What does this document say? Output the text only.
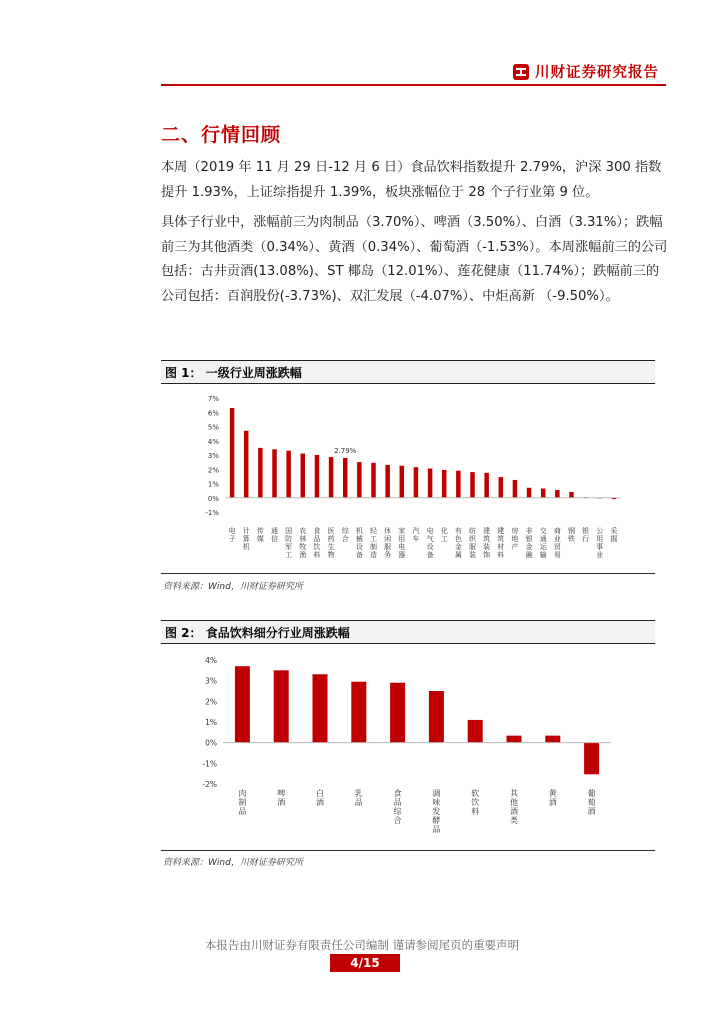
川财证券研究报告
二、行情回顾
本周（2019 年 11 月 29 日-12 月 6 日）食品饮料指数提升 2.79%，沪深 300 指数提升 1.93%，上证综指提升 1.39%，板块涨幅位于 28 个子行业第 9 位。
具体子行业中，涨幅前三为肉制品（3.70%）、啤酒（3.50%）、白酒（3.31%）；跌幅前三为其他酒类（0.34%）、黄酒（0.34%）、葡萄酒（-1.53%）。本周涨幅前三的公司包括：古井贡酒(13.08%)、ST 椰岛（12.01%）、莲花健康（11.74%）；跌幅前三的公司包括：百润股份(-3.73%)、双汇发展（-4.07%）、中炬高新 （-9.50%）。
图 1： 一级行业周涨跌幅
7%
6%
5%
4%
3%
2%
1%
0%
-1%
电子
计算机
传媒
通信
国防军工
农林牧渔
食品饮料
医药生物
综合
机械设备
轻工制造
休闲服务
家用电器
汽车
电气设备
化工
有色金属
纺织服装
建筑装饰
建筑材料
房地产
非银金融
交通运输
商业贸易
钢铁
银行
公用事业
采掘
2.79%
资料来源：Wind，川财证券研究所
图 2： 食品饮料细分行业周涨跌幅
4%
3%
2%
1%
0%
-1%
-2%
肉制品
啤酒
白酒
乳品
食品综合
调味发酵品
软饮料
其他酒类
黄酒
葡萄酒
资料来源：Wind，川财证券研究所
本报告由川财证券有限责任公司编制 谨请参阅尾页的重要声明
4/15
